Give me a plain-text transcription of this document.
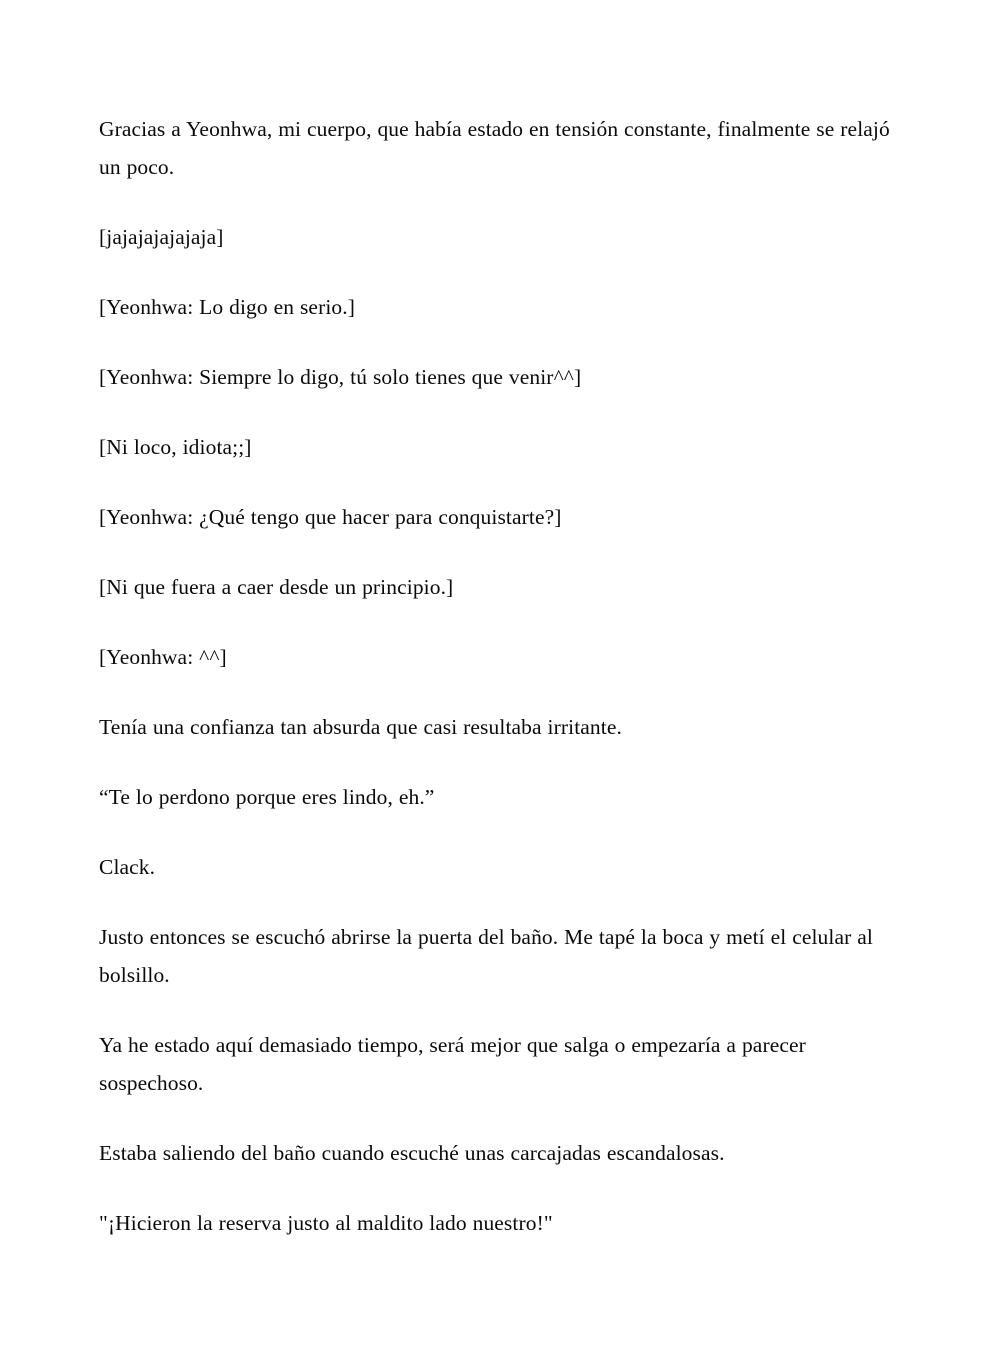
Gracias a Yeonhwa, mi cuerpo, que había estado en tensión constante, finalmente se relajó un poco.

[jajajajajajaja]

[Yeonhwa: Lo digo en serio.]

[Yeonhwa: Siempre lo digo, tú solo tienes que venir^^]

[Ni loco, idiota;;]

[Yeonhwa: ¿Qué tengo que hacer para conquistarte?]

[Ni que fuera a caer desde un principio.]

[Yeonhwa: ^^]

Tenía una confianza tan absurda que casi resultaba irritante.

“Te lo perdono porque eres lindo, eh.”

Clack.

Justo entonces se escuchó abrirse la puerta del baño. Me tapé la boca y metí el celular al bolsillo.

Ya he estado aquí demasiado tiempo, será mejor que salga o empezaría a parecer sospechoso.

Estaba saliendo del baño cuando escuché unas carcajadas escandalosas.

"¡Hicieron la reserva justo al maldito lado nuestro!"
